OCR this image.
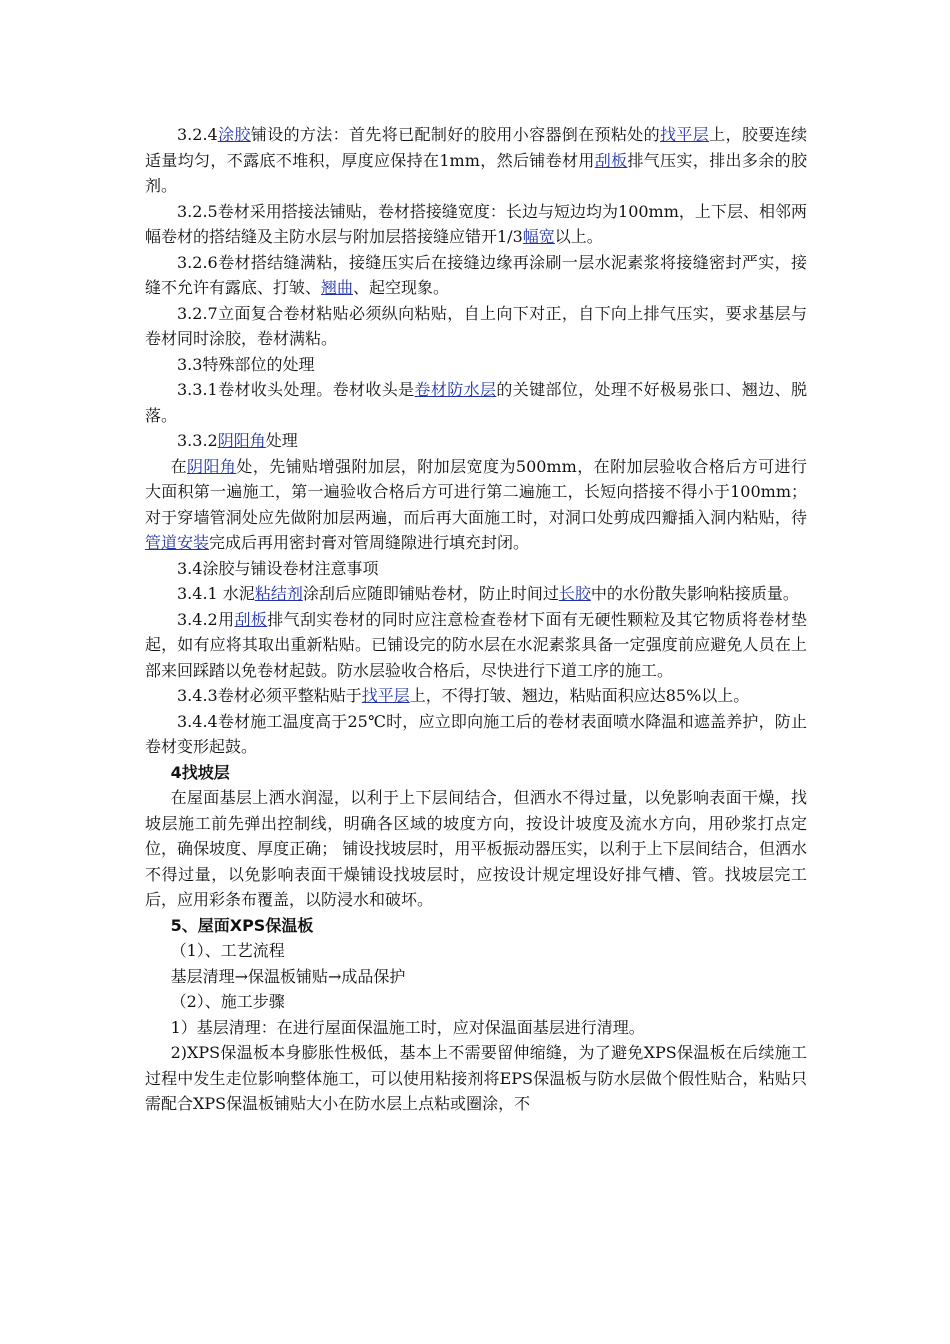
3.2.4涂胶铺设的方法：首先将已配制好的胶用小容器倒在预粘处的找平层上，胶要连续适量均匀，不露底不堆积，厚度应保持在1mm，然后铺卷材用刮板排气压实，排出多余的胶剂。

3.2.5卷材采用搭接法铺贴，卷材搭接缝宽度：长边与短边均为100mm，上下层、相邻两幅卷材的搭结缝及主防水层与附加层搭接缝应错开1/3幅宽以上。

3.2.6卷材搭结缝满粘，接缝压实后在接缝边缘再涂刷一层水泥素浆将接缝密封严实，接缝不允许有露底、打皱、翘曲、起空现象。

3.2.7立面复合卷材粘贴必须纵向粘贴，自上向下对正，自下向上排气压实，要求基层与卷材同时涂胶，卷材满粘。

3.3特殊部位的处理

3.3.1卷材收头处理。卷材收头是卷材防水层的关键部位，处理不好极易张口、翘边、脱落。

3.3.2阴阳角处理

在阴阳角处，先铺贴增强附加层，附加层宽度为500mm，在附加层验收合格后方可进行大面积第一遍施工，第一遍验收合格后方可进行第二遍施工，长短向搭接不得小于100mm；对于穿墙管洞处应先做附加层两遍，而后再大面施工时，对洞口处剪成四瓣插入洞内粘贴，待管道安装完成后再用密封膏对管周缝隙进行填充封闭。

3.4涂胶与铺设卷材注意事项

3.4.1 水泥粘结剂涂刮后应随即铺贴卷材，防止时间过长胶中的水份散失影响粘接质量。

3.4.2用刮板排气刮实卷材的同时应注意检查卷材下面有无硬性颗粒及其它物质将卷材垫起，如有应将其取出重新粘贴。已铺设完的防水层在水泥素浆具备一定强度前应避免人员在上部来回踩踏以免卷材起鼓。防水层验收合格后，尽快进行下道工序的施工。

3.4.3卷材必须平整粘贴于找平层上，不得打皱、翘边，粘贴面积应达85%以上。

3.4.4卷材施工温度高于25℃时，应立即向施工后的卷材表面喷水降温和遮盖养护，防止卷材变形起鼓。

4找坡层

在屋面基层上洒水润湿，以利于上下层间结合，但洒水不得过量，以免影响表面干燥，找坡层施工前先弹出控制线，明确各区域的坡度方向，按设计坡度及流水方向，用砂浆打点定位，确保坡度、厚度正确； 铺设找坡层时，用平板振动器压实，以利于上下层间结合，但洒水不得过量，以免影响表面干燥铺设找坡层时，应按设计规定埋设好排气槽、管。找坡层完工后，应用彩条布覆盖，以防浸水和破坏。

5、屋面XPS保温板

（1）、工艺流程

基层清理→保温板铺贴→成品保护

（2）、施工步骤

1）基层清理：在进行屋面保温施工时，应对保温面基层进行清理。

2)XPS保温板本身膨胀性极低，基本上不需要留伸缩缝，为了避免XPS保温板在后续施工过程中发生走位影响整体施工，可以使用粘接剂将EPS保温板与防水层做个假性贴合，粘贴只需配合XPS保温板铺贴大小在防水层上点粘或圈涂，不
